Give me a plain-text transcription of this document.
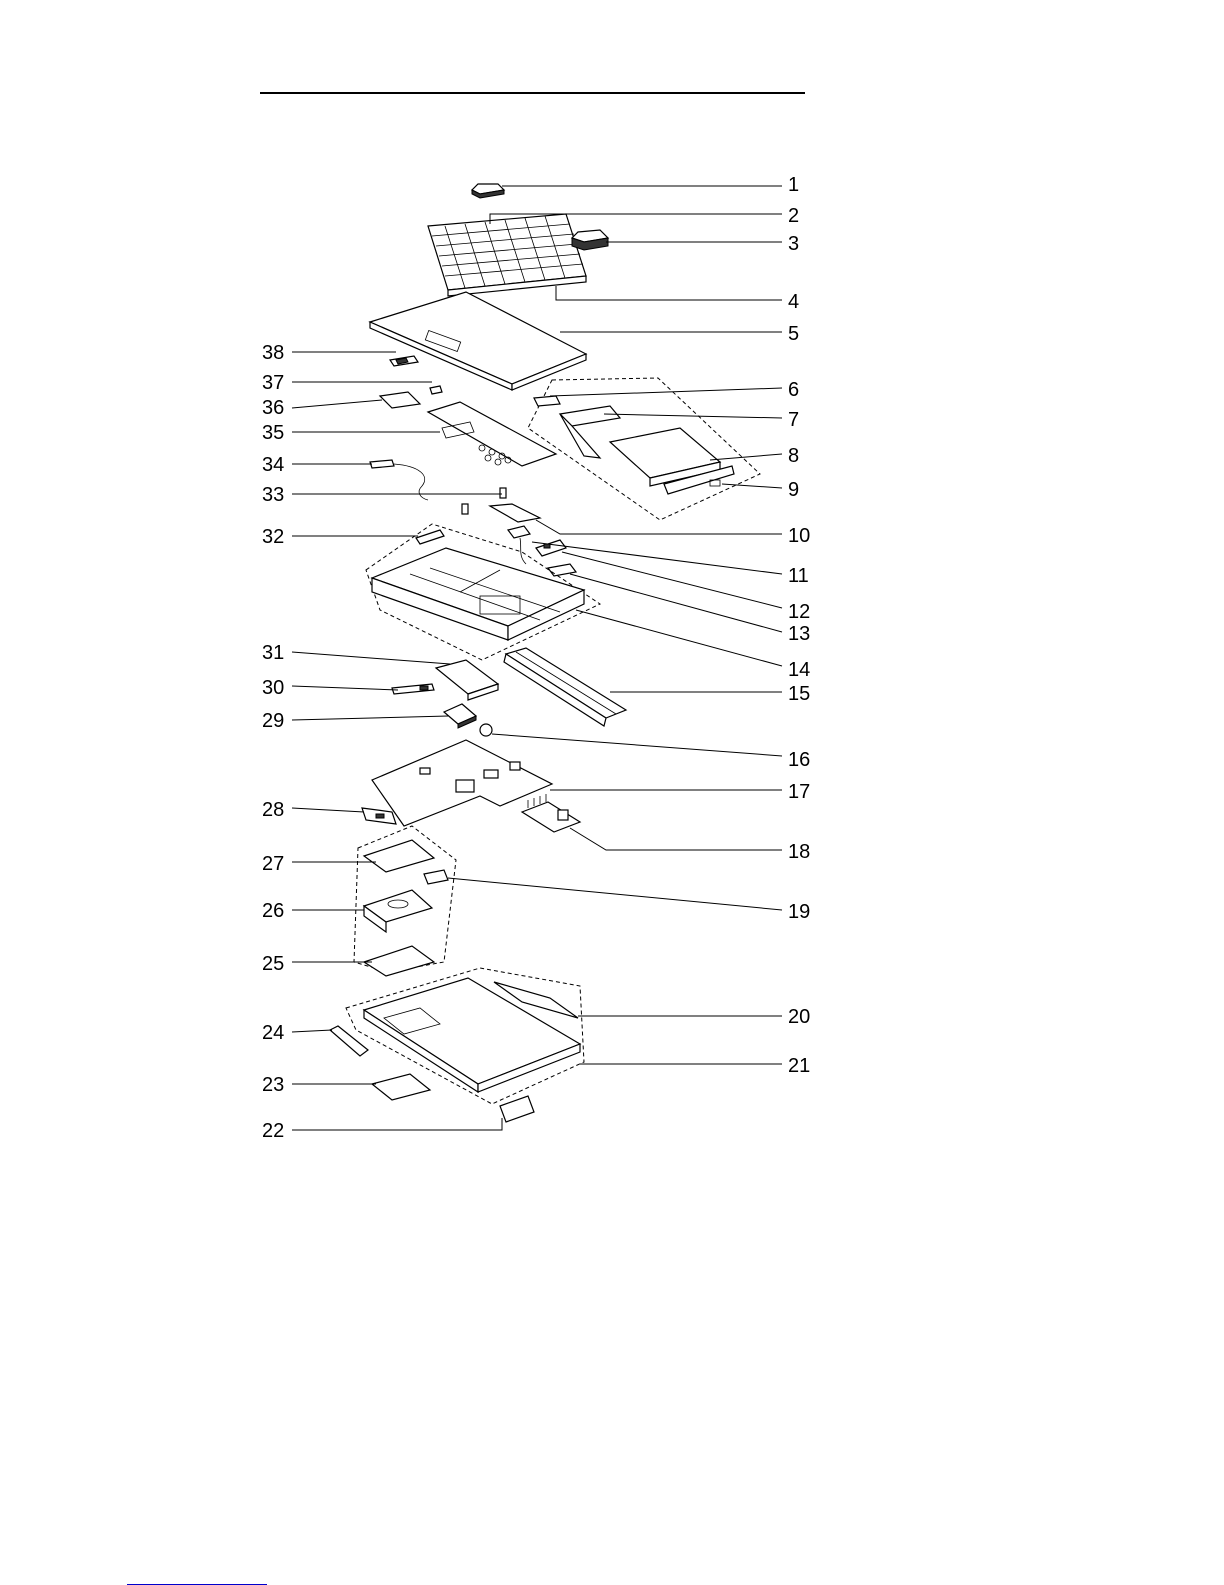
1
2
3
4
5
6
7
8
9
10
11
12
13
14
15
16
17
18
19
20
21
22
23
24
25
26
27
28
29
30
31
32
33
34
35
36
37
38
